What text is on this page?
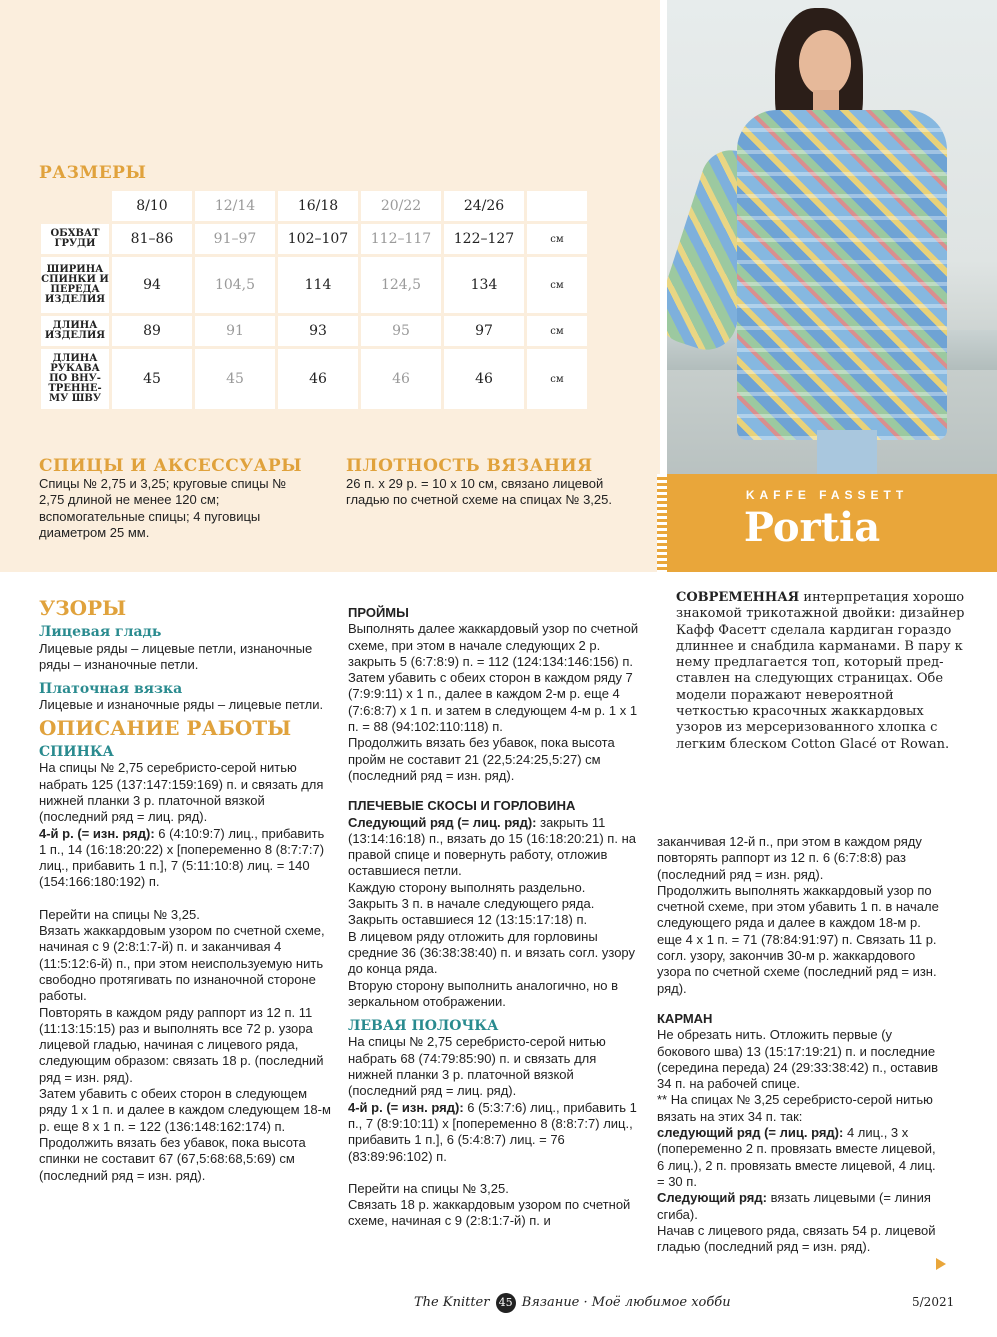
KAFFE FASSETT
Portia
РАЗМЕРЫ
	8/10	12/14	16/18	20/22	24/26	
ОБХВАТ ГРУДИ	81–86	91–97	102–107	112–117	122–127	см
ШИРИНА СПИНКИ И ПЕРЕДА ИЗДЕЛИЯ	94	104,5	114	124,5	134	см
ДЛИНА ИЗДЕЛИЯ	89	91	93	95	97	см
ДЛИНА РУКАВА ПО ВНУ-ТРЕННЕ-МУ ШВУ	45	45	46	46	46	см
СПИЦЫ И АКСЕССУАРЫ
Спицы № 2,75 и 3,25; круговые спицы № 2,75 длиной не менее 120 см; вспомогательные спицы; 4 пуговицы диаметром 25 мм.
ПЛОТНОСТЬ ВЯЗАНИЯ
26 п. х 29 р. = 10 х 10 см, связано лицевой гладью по счетной схеме на спицах № 3,25.
СОВРЕМЕННАЯ интерпретация хорошо знакомой трикотажной двойки: дизайнер Кафф Фасетт сделала кардиган гораздо длиннее и снабдила карманами. В пару к нему предлагается топ, который представлен на следующих страницах. Обе модели поражают невероятной четкостью красочных жаккардовых узоров из мерсеризованного хлопка с легким блеском Cotton Glacé от Rowan.
УЗОРЫ
Лицевая гладь
Лицевые ряды – лицевые петли, изнаночные ряды – изнаночные петли.
Платочная вязка
Лицевые и изнаночные ряды – лицевые петли.
ОПИСАНИЕ РАБОТЫ
СПИНКА
На спицы № 2,75 серебристо-серой нитью набрать 125 (137:147:159:169) п. и связать для нижней планки 3 р. платочной вязкой (последний ряд = лиц. ряд).
4-й р. (= изн. ряд): 6 (4:10:9:7) лиц., прибавить 1 п., 14 (16:18:20:22) х [попеременно 8 (8:7:7:7) лиц., прибавить 1 п.], 7 (5:11:10:8) лиц. = 140 (154:166:180:192) п.
Перейти на спицы № 3,25.
Вязать жаккардовым узором по счетной схеме, начиная с 9 (2:8:1:7-й) п. и заканчивая 4 (11:5:12:6-й) п., при этом неиспользуемую нить свободно протягивать по изнаночной стороне работы.
Повторять в каждом ряду раппорт из 12 п. 11 (11:13:15:15) раз и выполнять все 72 р. узора лицевой гладью, начиная с лицевого ряда, следующим образом: связать 18 р. (последний ряд = изн. ряд).
Затем убавить с обеих сторон в следующем ряду 1 х 1 п. и далее в каждом следующем 18-м р. еще 8 х 1 п. = 122 (136:148:162:174) п.
Продолжить вязать без убавок, пока высота спинки не составит 67 (67,5:68:68,5:69) см (последний ряд = изн. ряд).
ПРОЙМЫ
Выполнять далее жаккардовый узор по счетной схеме, при этом в начале следующих 2 р. закрыть 5 (6:7:8:9) п. = 112 (124:134:146:156) п.
Затем убавить с обеих сторон в каждом ряду 7 (7:9:9:11) х 1 п., далее в каждом 2-м р. еще 4 (7:6:8:7) х 1 п. и затем в следующем 4-м р. 1 х 1 п. = 88 (94:102:110:118) п.
Продолжить вязать без убавок, пока высота пройм не составит 21 (22,5:24:25,5:27) см (последний ряд = изн. ряд).
ПЛЕЧЕВЫЕ СКОСЫ И ГОРЛОВИНА
Следующий ряд (= лиц. ряд): закрыть 11 (13:14:16:18) п., вязать до 15 (16:18:20:21) п. на правой спице и повернуть работу, отложив оставшиеся петли.
Каждую сторону выполнять раздельно.
Закрыть 3 п. в начале следующего ряда.
Закрыть оставшиеся 12 (13:15:17:18) п.
В лицевом ряду отложить для горловины средние 36 (36:38:38:40) п. и вязать согл. узору до конца ряда.
Вторую сторону выполнить аналогично, но в зеркальном отображении.
ЛЕВАЯ ПОЛОЧКА
На спицы № 2,75 серебристо-серой нитью набрать 68 (74:79:85:90) п. и связать для нижней планки 3 р. платочной вязкой (последний ряд = лиц. ряд).
4-й р. (= изн. ряд): 6 (5:3:7:6) лиц., прибавить 1 п., 7 (8:9:10:11) х [попеременно 8 (8:8:7:7) лиц., прибавить 1 п.], 6 (5:4:8:7) лиц. = 76 (83:89:96:102) п.
Перейти на спицы № 3,25.
Связать 18 р. жаккардовым узором по счетной схеме, начиная с 9 (2:8:1:7-й) п. и
заканчивая 12-й п., при этом в каждом ряду повторять раппорт из 12 п. 6 (6:7:8:8) раз (последний ряд = изн. ряд).
Продолжить выполнять жаккардовый узор по счетной схеме, при этом убавить 1 п. в начале следующего ряда и далее в каждом 18-м р. еще 4 х 1 п. = 71 (78:84:91:97) п. Связать 11 р. согл. узору, закончив 30-м р. жаккардового узора по счетной схеме (последний ряд = изн. ряд).
КАРМАН
Не обрезать нить. Отложить первые (у бокового шва) 13 (15:17:19:21) п. и последние (середина переда) 24 (29:33:38:42) п., оставив 34 п. на рабочей спице.
** На спицах № 3,25 серебристо-серой нитью вязать на этих 34 п. так:
следующий ряд (= лиц. ряд): 4 лиц., 3 х (попеременно 2 п. провязать вместе лицевой, 6 лиц.), 2 п. провязать вместе лицевой, 4 лиц. = 30 п.
Следующий ряд: вязать лицевыми (= линия сгиба).
Начав с лицевого ряда, связать 54 р. лицевой гладью (последний ряд = изн. ряд).
The Knitter 45 Вязание · Моё любимое хобби	5/2021
